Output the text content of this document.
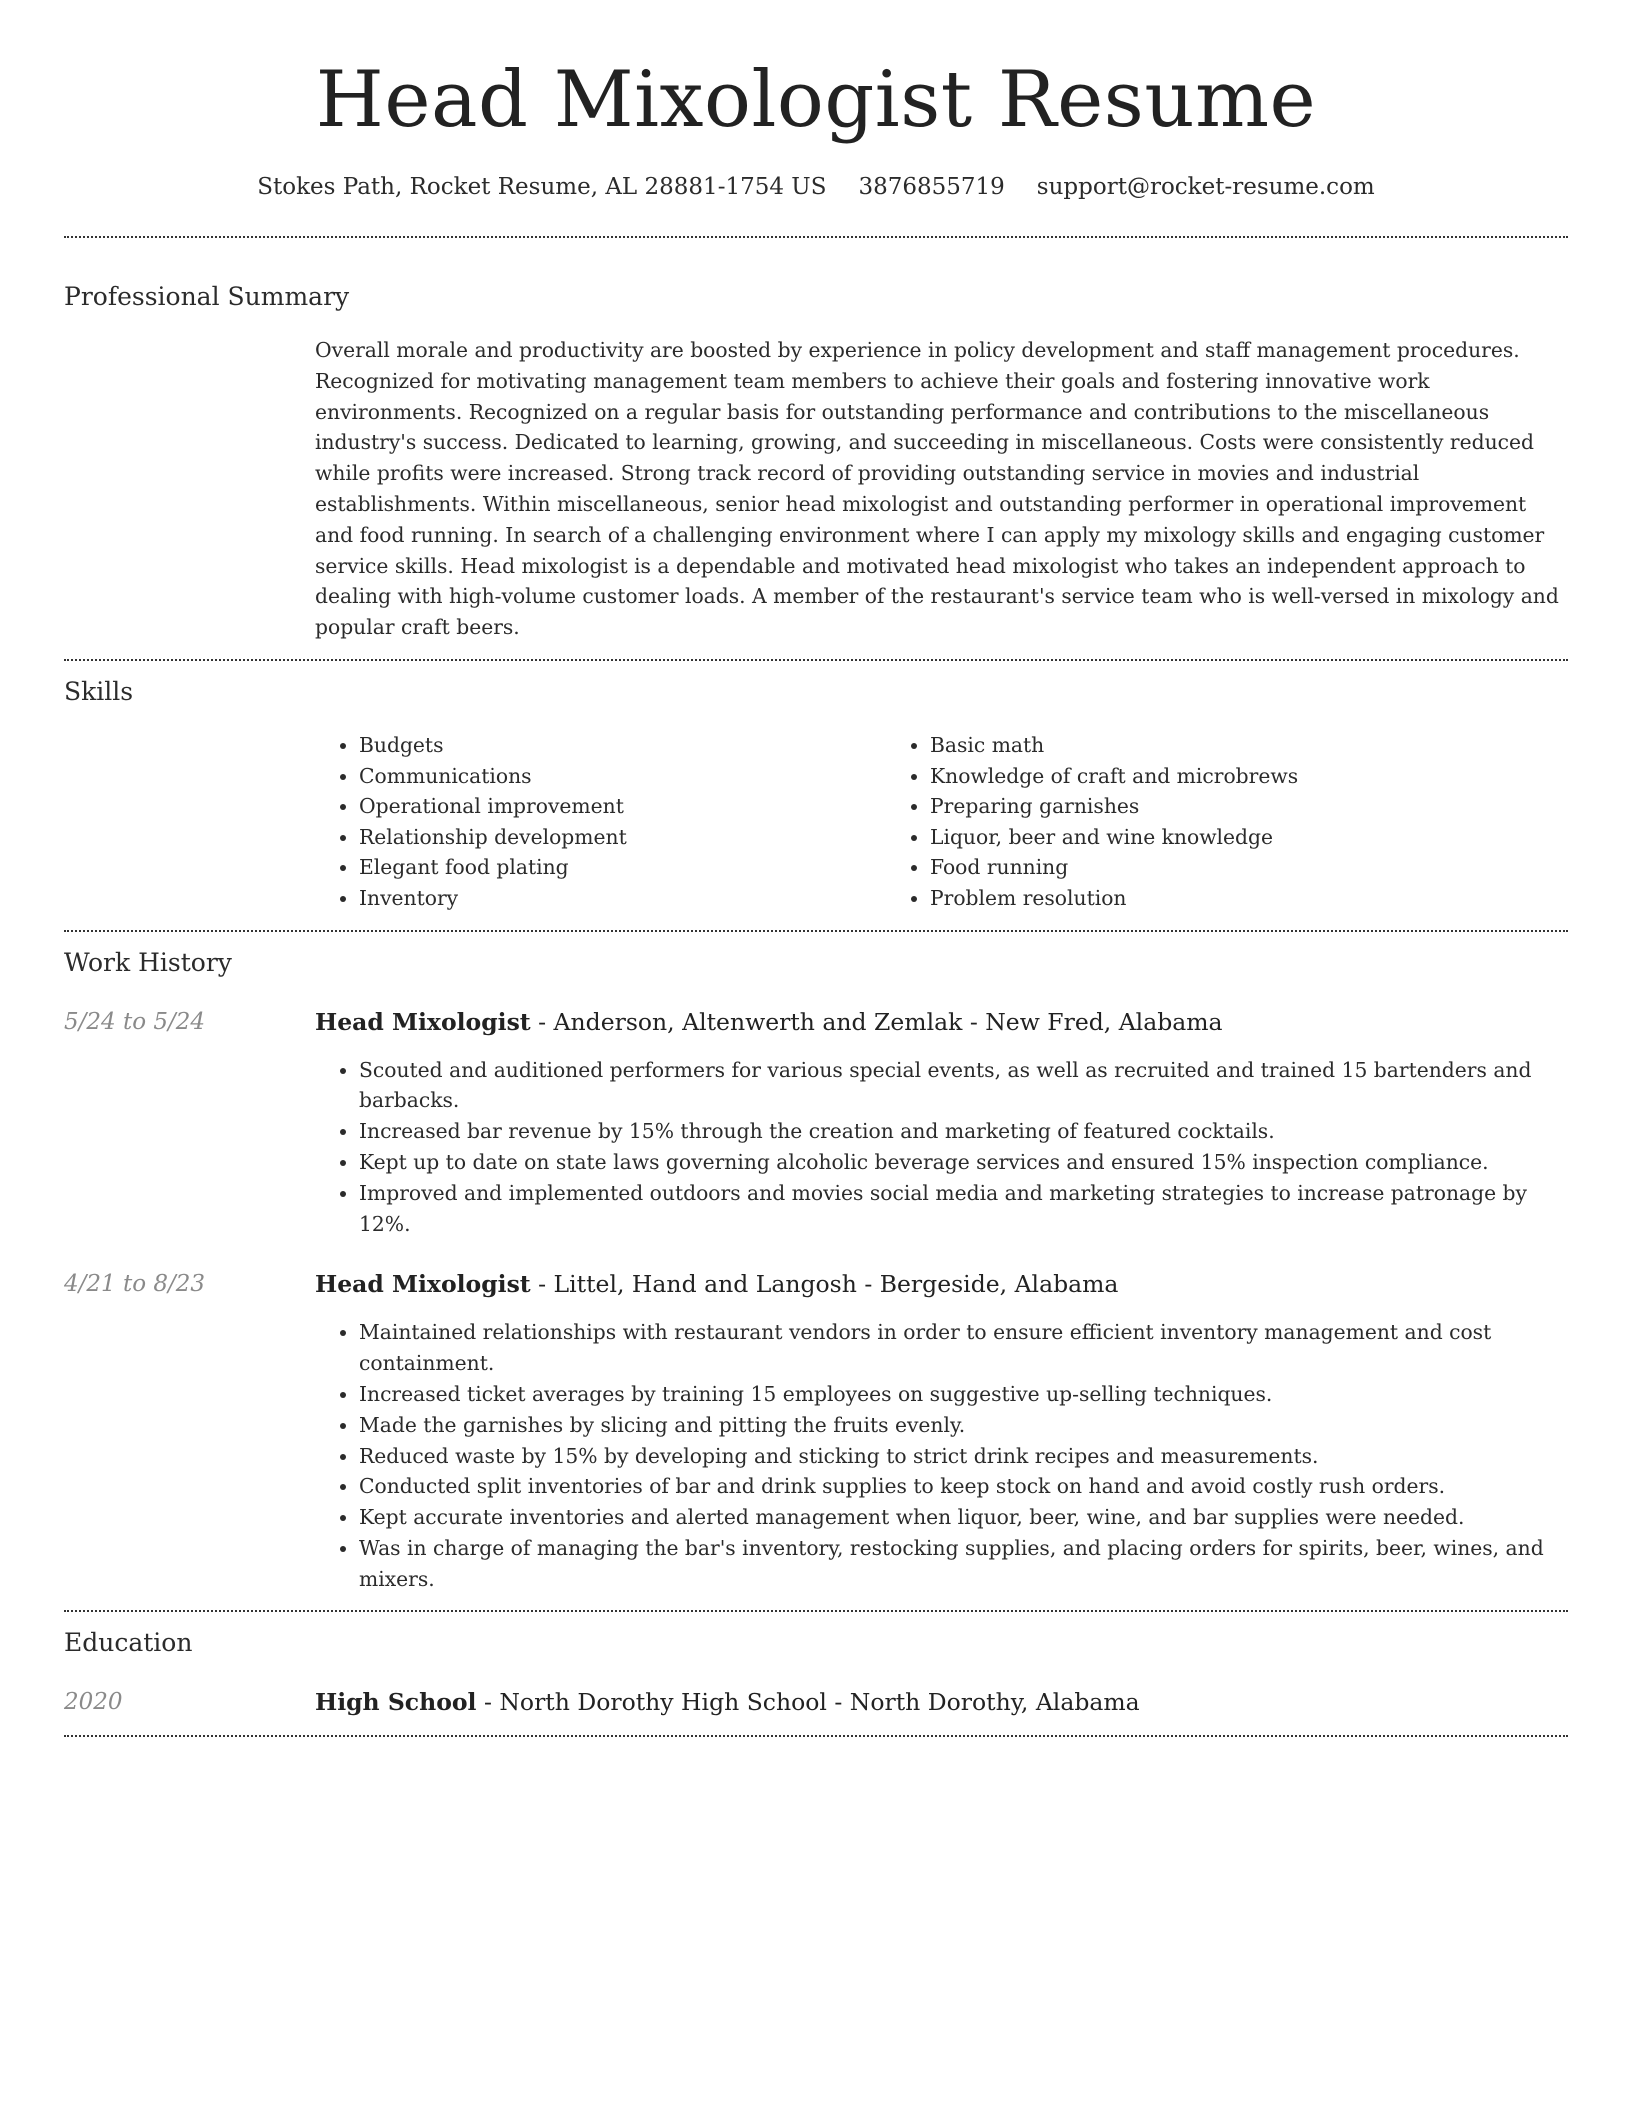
Head Mixologist Resume
Stokes Path, Rocket Resume, AL 28881-1754 US 3876855719 support@rocket-resume.com
Professional Summary
Overall morale and productivity are boosted by experience in policy development and staff management procedures. Recognized for motivating management team members to achieve their goals and fostering innovative work environments. Recognized on a regular basis for outstanding performance and contributions to the miscellaneous industry's success. Dedicated to learning, growing, and succeeding in miscellaneous. Costs were consistently reduced while profits were increased. Strong track record of providing outstanding service in movies and industrial establishments. Within miscellaneous, senior head mixologist and outstanding performer in operational improvement and food running. In search of a challenging environment where I can apply my mixology skills and engaging customer service skills. Head mixologist is a dependable and motivated head mixologist who takes an independent approach to dealing with high-volume customer loads. A member of the restaurant's service team who is well-versed in mixology and popular craft beers.
Skills
• Budgets
• Communications
• Operational improvement
• Relationship development
• Elegant food plating
• Inventory
• Basic math
• Knowledge of craft and microbrews
• Preparing garnishes
• Liquor, beer and wine knowledge
• Food running
• Problem resolution
Work History
5/24 to 5/24	Head Mixologist - Anderson, Altenwerth and Zemlak - New Fred, Alabama
• Scouted and auditioned performers for various special events, as well as recruited and trained 15 bartenders and barbacks.
• Increased bar revenue by 15% through the creation and marketing of featured cocktails.
• Kept up to date on state laws governing alcoholic beverage services and ensured 15% inspection compliance.
• Improved and implemented outdoors and movies social media and marketing strategies to increase patronage by 12%.
4/21 to 8/23	Head Mixologist - Littel, Hand and Langosh - Bergeside, Alabama
• Maintained relationships with restaurant vendors in order to ensure efficient inventory management and cost containment.
• Increased ticket averages by training 15 employees on suggestive up-selling techniques.
• Made the garnishes by slicing and pitting the fruits evenly.
• Reduced waste by 15% by developing and sticking to strict drink recipes and measurements.
• Conducted split inventories of bar and drink supplies to keep stock on hand and avoid costly rush orders.
• Kept accurate inventories and alerted management when liquor, beer, wine, and bar supplies were needed.
• Was in charge of managing the bar's inventory, restocking supplies, and placing orders for spirits, beer, wines, and mixers.
Education
2020	High School - North Dorothy High School - North Dorothy, Alabama
